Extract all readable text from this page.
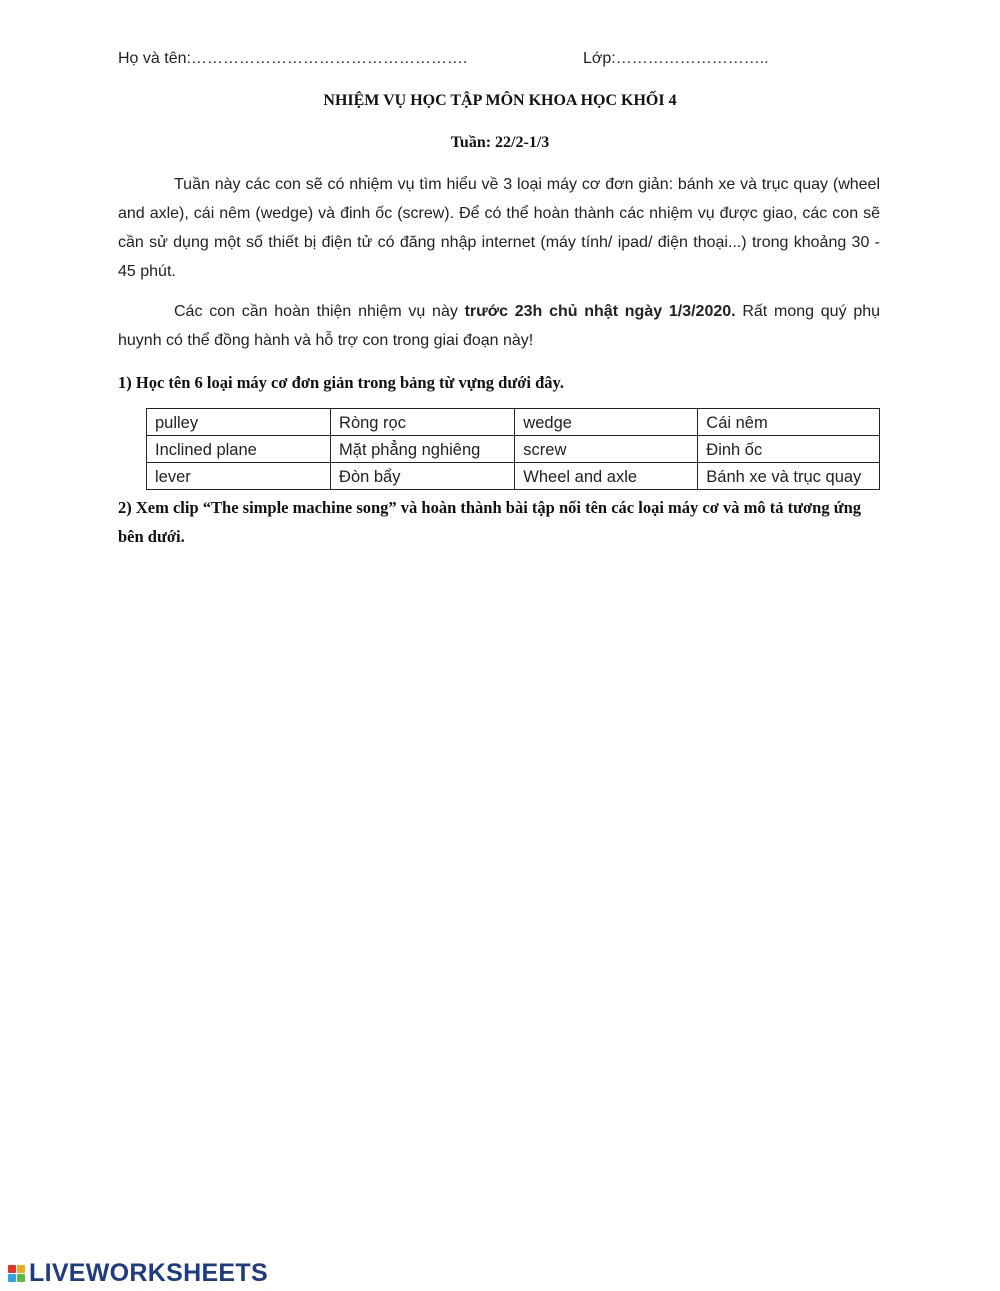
Họ và tên:…………………………………………….	Lớp:………………………..
NHIỆM VỤ HỌC TẬP MÔN KHOA HỌC KHỐI 4
Tuần: 22/2-1/3
Tuần này các con sẽ có nhiệm vụ tìm hiểu về 3 loại máy cơ đơn giản: bánh xe và trục quay (wheel and axle), cái nêm (wedge) và đinh ốc (screw). Để có thể hoàn thành các nhiệm vụ được giao, các con sẽ cần sử dụng một số thiết bị điện tử có đăng nhập internet (máy tính/ ipad/ điện thoại...) trong khoảng 30 - 45 phút.
Các con cần hoàn thiện nhiệm vụ này trước 23h chủ nhật ngày 1/3/2020. Rất mong quý phụ huynh có thể đồng hành và hỗ trợ con trong giai đoạn này!
1) Học tên 6 loại máy cơ đơn giản trong bảng từ vựng dưới đây.
pulley	Ròng rọc	wedge	Cái nêm
Inclined plane	Mặt phẳng nghiêng	screw	Đinh ốc
lever	Đòn bẩy	Wheel and axle	Bánh xe và trục quay
2) Xem clip “The simple machine song” và hoàn thành bài tập nối tên các loại máy cơ và mô tả tương ứng bên dưới.
LIVEWORKSHEETS
